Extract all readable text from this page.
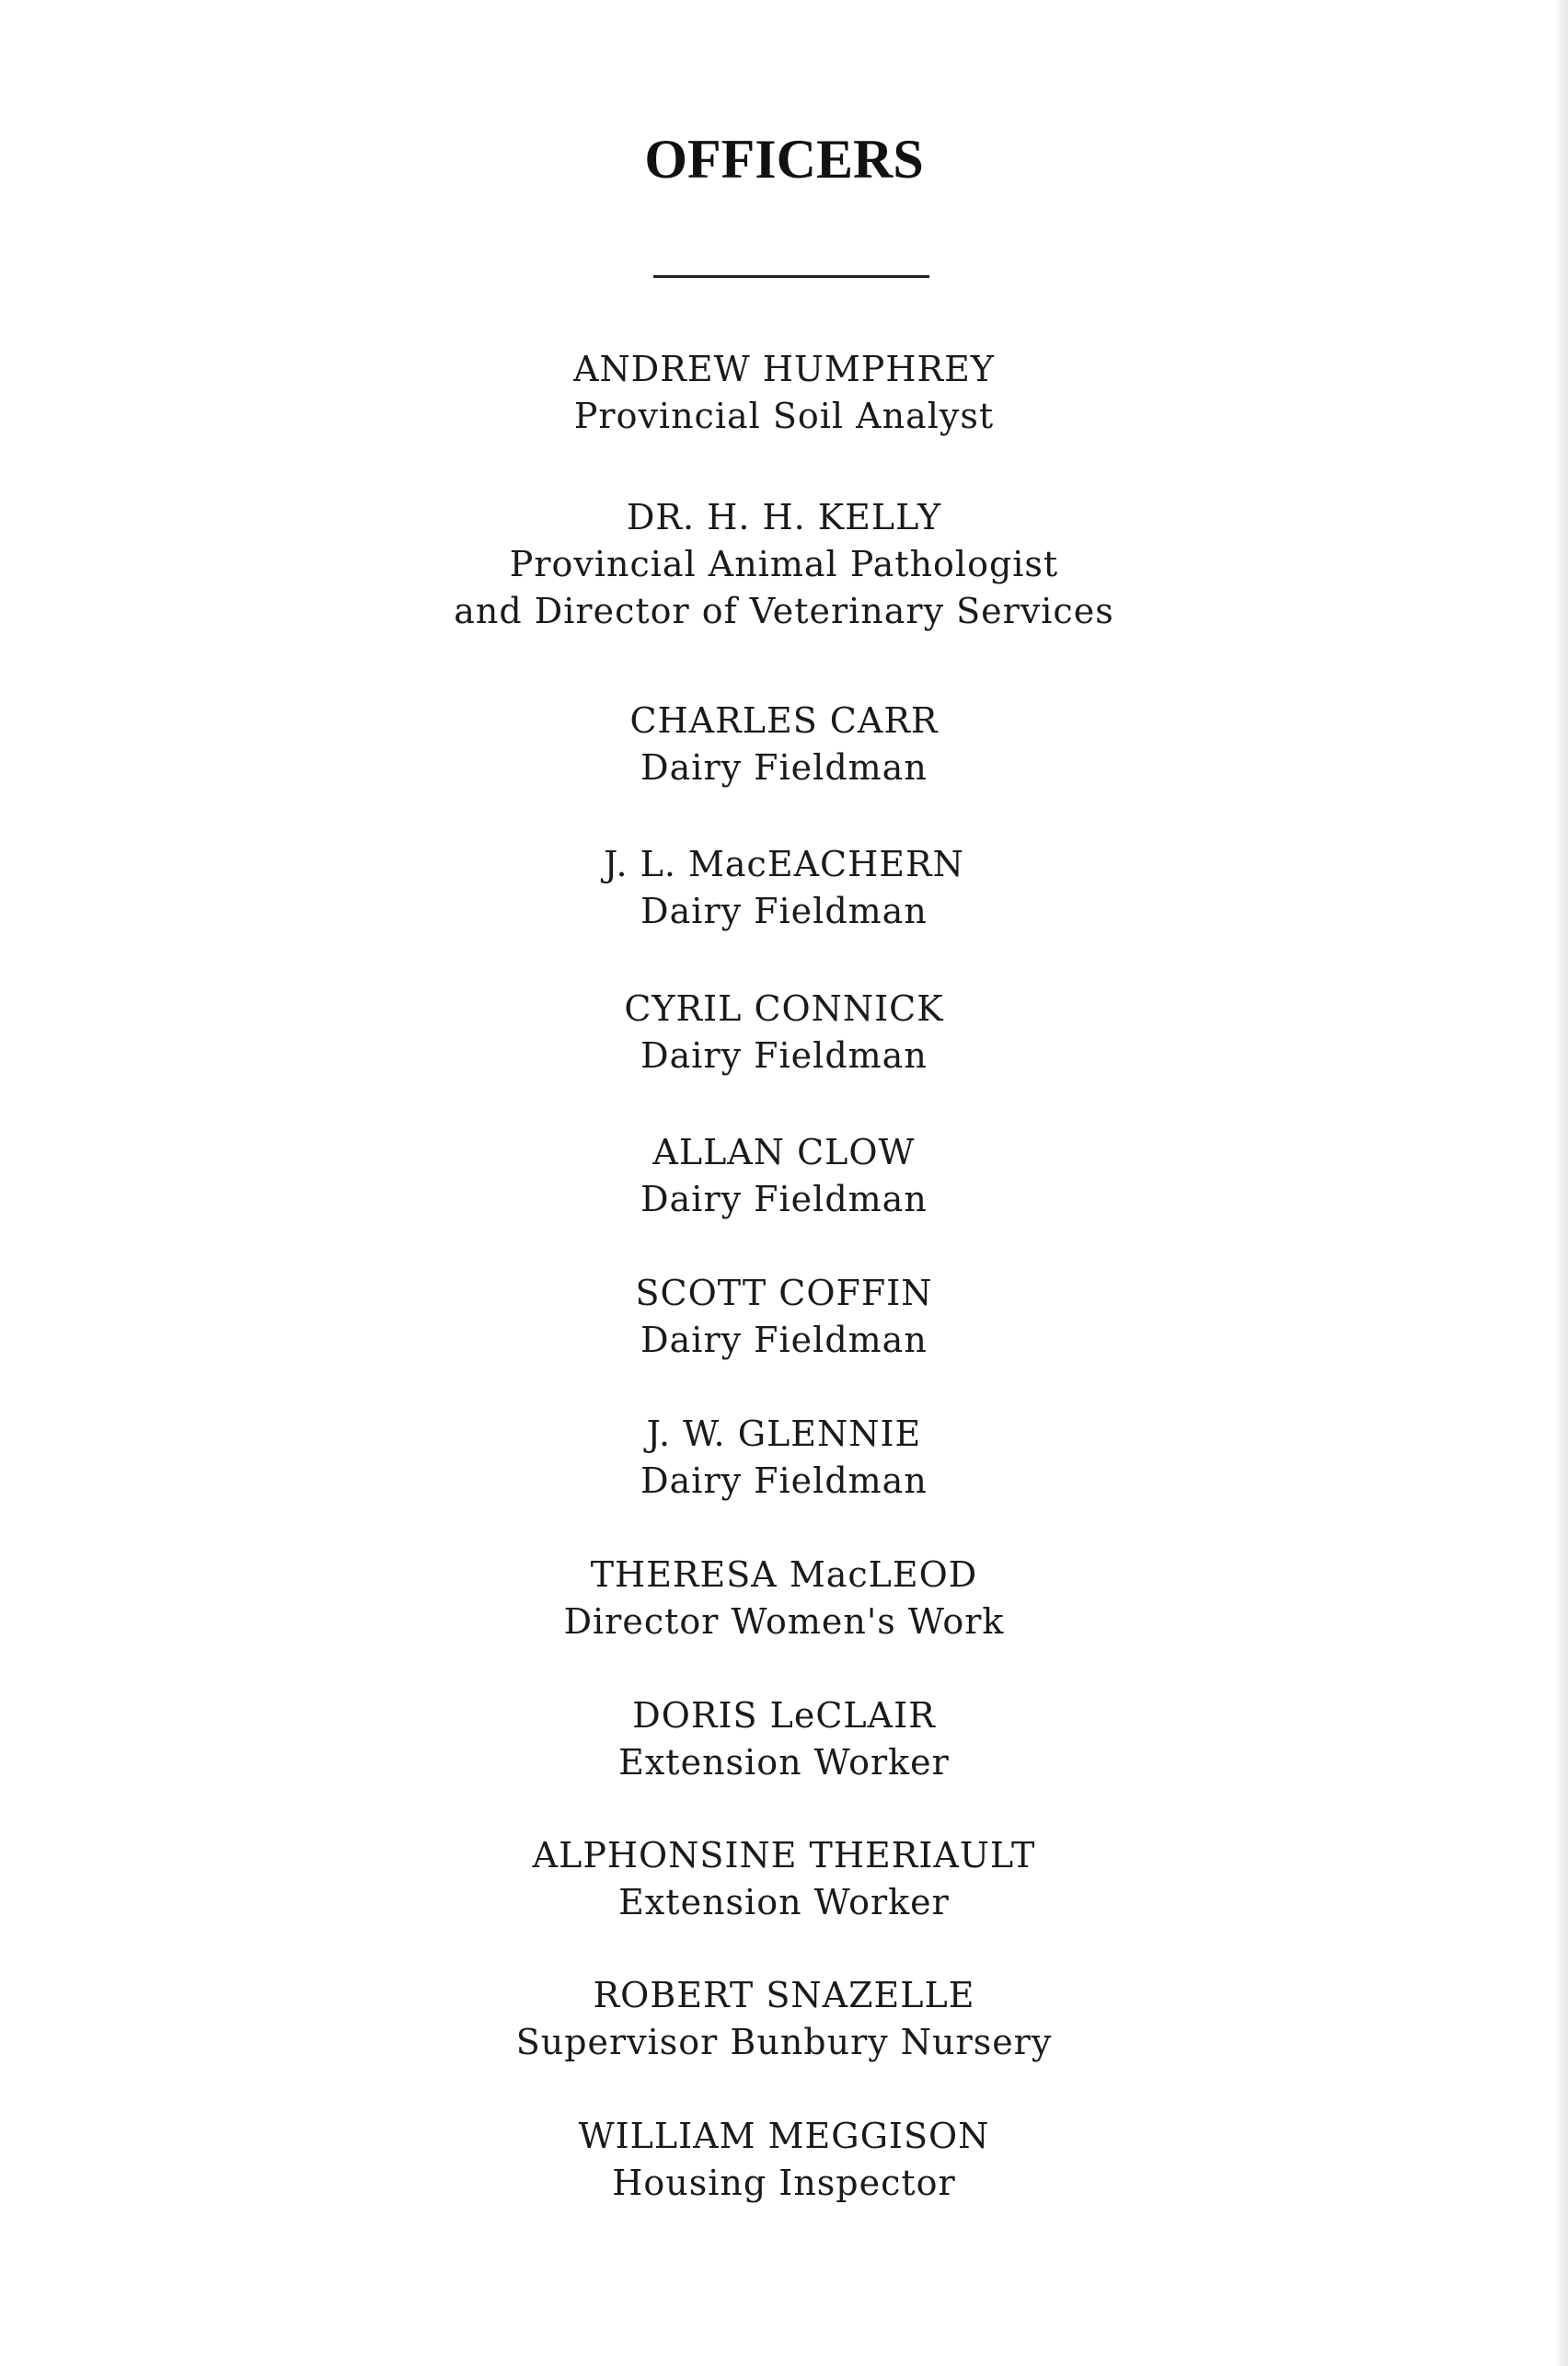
OFFICERS
ANDREW HUMPHREY
Provincial Soil Analyst
DR. H. H. KELLY
Provincial Animal Pathologist
and Director of Veterinary Services
CHARLES CARR
Dairy Fieldman
J. L. MacEACHERN
Dairy Fieldman
CYRIL CONNICK
Dairy Fieldman
ALLAN CLOW
Dairy Fieldman
SCOTT COFFIN
Dairy Fieldman
J. W. GLENNIE
Dairy Fieldman
THERESA MacLEOD
Director Women's Work
DORIS LeCLAIR
Extension Worker
ALPHONSINE THERIAULT
Extension Worker
ROBERT SNAZELLE
Supervisor Bunbury Nursery
WILLIAM MEGGISON
Housing Inspector
